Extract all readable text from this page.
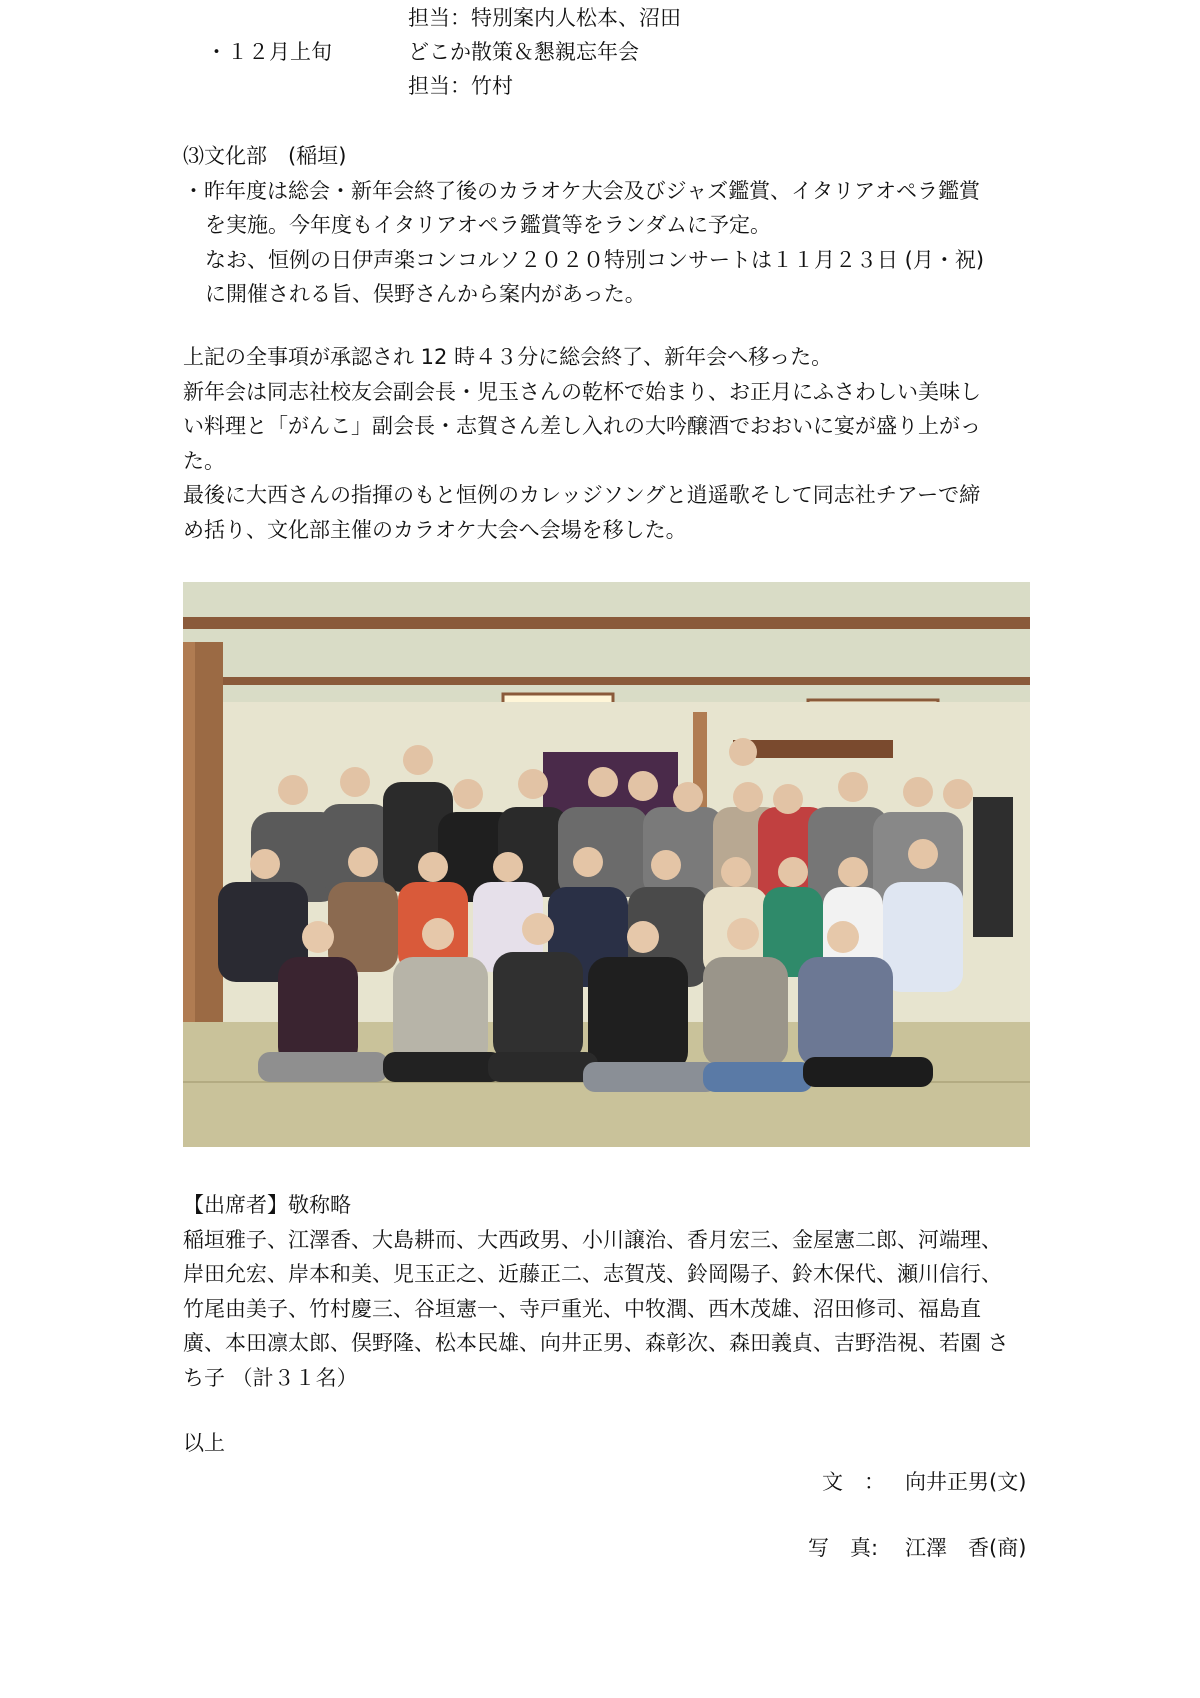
担当：特別案内人松本、沼田
・１２月上旬	どこか散策＆懇親忘年会
担当：竹村

⑶文化部　(稲垣)

・昨年度は総会・新年会終了後のカラオケ大会及びジャズ鑑賞、イタリアオペラ鑑賞

を実施。今年度もイタリアオペラ鑑賞等をランダムに予定。

なお、恒例の日伊声楽コンコルソ２０２０特別コンサートは１１月２３日 (月・祝)

に開催される旨、俣野さんから案内があった。

上記の全事項が承認され 12 時４３分に総会終了、新年会へ移った。

新年会は同志社校友会副会長・児玉さんの乾杯で始まり、お正月にふさわしい美味し

い料理と「がんこ」副会長・志賀さん差し入れの大吟醸酒でおおいに宴が盛り上がっ

た。

最後に大西さんの指揮のもと恒例のカレッジソングと逍遥歌そして同志社チアーで締

め括り、文化部主催のカラオケ大会へ会場を移した。

【出席者】敬称略

稲垣雅子、江澤香、大島耕而、大西政男、小川譲治、香月宏三、金屋憲二郎、河端理、

岸田允宏、岸本和美、児玉正之、近藤正二、志賀茂、鈴岡陽子、鈴木保代、瀬川信行、

竹尾由美子、竹村慶三、谷垣憲一、寺戸重光、中牧潤、西木茂雄、沼田修司、福島直

廣、本田凛太郎、俣野隆、松本民雄、向井正男、森彰次、森田義貞、吉野浩視、若園 さ

ち子 （計３１名）

以上
文　： 向井正男(文)
写　真: 江澤　香(商)
